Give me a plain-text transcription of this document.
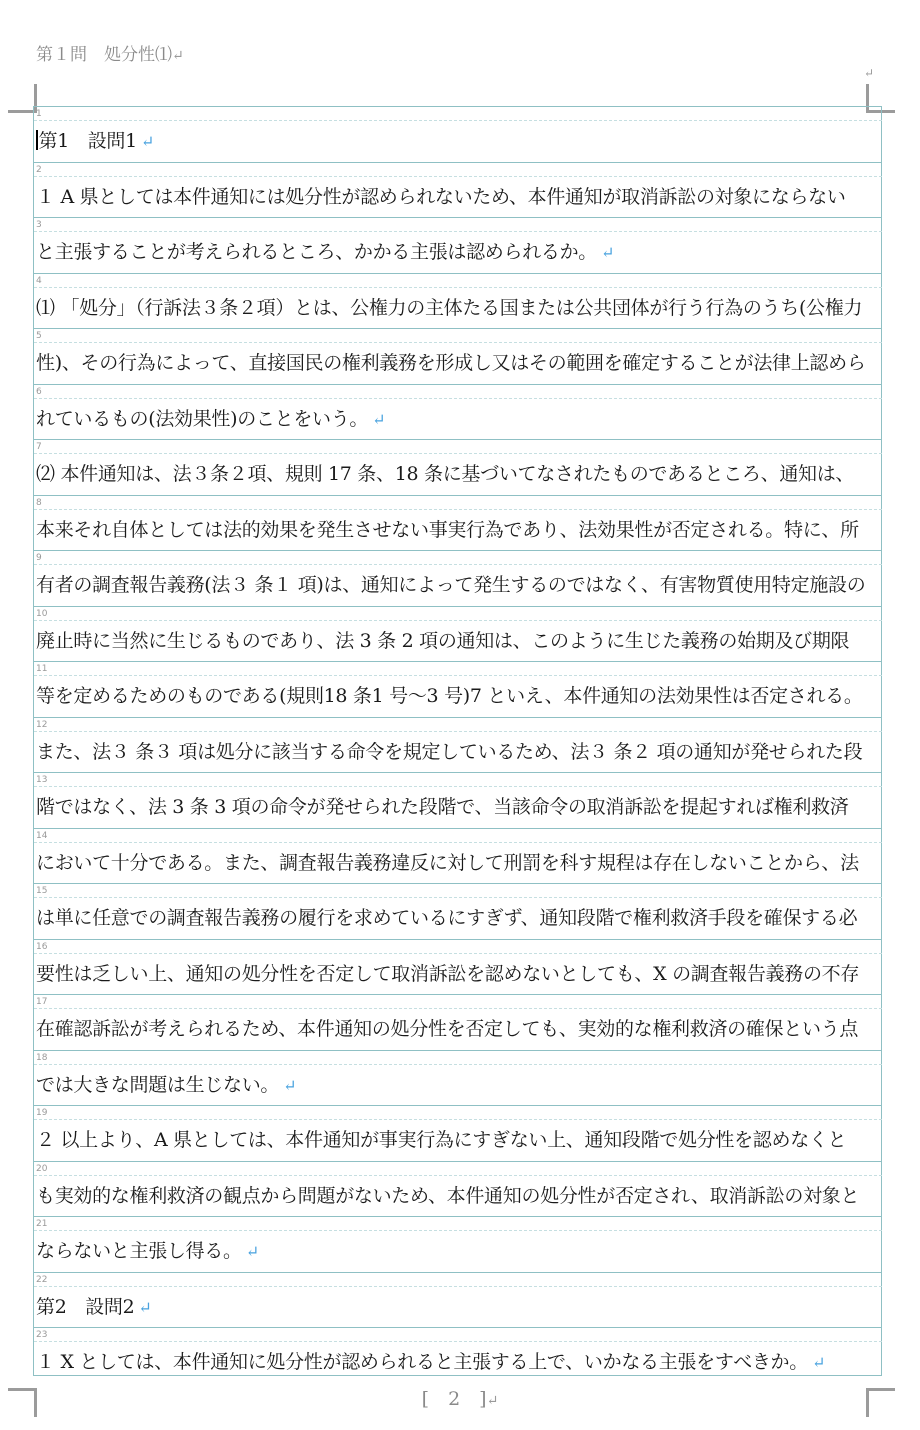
第１問　処分性⑴↵
↵
1
第1　設問1 ↵
2
１ A 県としては本件通知には処分性が認められないため、本件通知が取消訴訟の対象にならない
3
と主張することが考えられるところ、かかる主張は認められるか。 ↵
4
⑴ 「処分」（行訴法３条２項）とは、公権力の主体たる国または公共団体が行う行為のうち(公権力
5
性)、その行為によって、直接国民の権利義務を形成し又はその範囲を確定することが法律上認めら
6
れているもの(法効果性)のことをいう。 ↵
7
⑵ 本件通知は、法３条２項、規則 17 条、18 条に基づいてなされたものであるところ、通知は、
8
本来それ自体としては法的効果を発生させない事実行為であり、法効果性が否定される。特に、所
9
有者の調査報告義務(法３ 条１ 項)は、通知によって発生するのではなく、有害物質使用特定施設の
10
廃止時に当然に生じるものであり、法 3 条 2 項の通知は、このように生じた義務の始期及び期限
11
等を定めるためのものである(規則18 条1 号〜3 号)7 といえ、本件通知の法効果性は否定される。
12
また、法３ 条３ 項は処分に該当する命令を規定しているため、法３ 条２ 項の通知が発せられた段
13
階ではなく、法 3 条 3 項の命令が発せられた段階で、当該命令の取消訴訟を提起すれば権利救済
14
において十分である。また、調査報告義務違反に対して刑罰を科す規程は存在しないことから、法
15
は単に任意での調査報告義務の履行を求めているにすぎず、通知段階で権利救済手段を確保する必
16
要性は乏しい上、通知の処分性を否定して取消訴訟を認めないとしても、X の調査報告義務の不存
17
在確認訴訟が考えられるため、本件通知の処分性を否定しても、実効的な権利救済の確保という点
18
では大きな問題は生じない。 ↵
19
２ 以上より、A 県としては、本件通知が事実行為にすぎない上、通知段階で処分性を認めなくと
20
も実効的な権利救済の観点から問題がないため、本件通知の処分性が否定され、取消訴訟の対象と
21
ならないと主張し得る。 ↵
22
第2　設問2 ↵
23
１ X としては、本件通知に処分性が認められると主張する上で、いかなる主張をすべきか。 ↵
[　2　]↵
